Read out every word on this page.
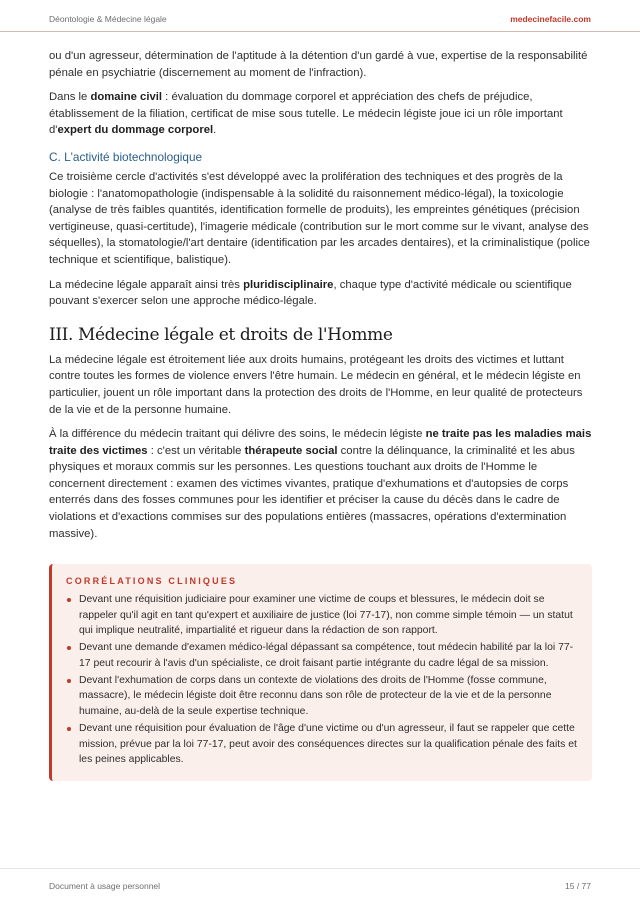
Déontologie & Médecine légale	medecinefacile.com

ou d'un agresseur, détermination de l'aptitude à la détention d'un gardé à vue, expertise de la responsabilité pénale en psychiatrie (discernement au moment de l'infraction).

Dans le domaine civil : évaluation du dommage corporel et appréciation des chefs de préjudice, établissement de la filiation, certificat de mise sous tutelle. Le médecin légiste joue ici un rôle important d'expert du dommage corporel.

C. L'activité biotechnologique

Ce troisième cercle d'activités s'est développé avec la prolifération des techniques et des progrès de la biologie : l'anatomopathologie (indispensable à la solidité du raisonnement médico-légal), la toxicologie (analyse de très faibles quantités, identification formelle de produits), les empreintes génétiques (précision vertigineuse, quasi-certitude), l'imagerie médicale (contribution sur le mort comme sur le vivant, analyse des séquelles), la stomatologie/l'art dentaire (identification par les arcades dentaires), et la criminalistique (police technique et scientifique, balistique).

La médecine légale apparaît ainsi très pluridisciplinaire, chaque type d'activité médicale ou scientifique pouvant s'exercer selon une approche médico-légale.

III. Médecine légale et droits de l'Homme

La médecine légale est étroitement liée aux droits humains, protégeant les droits des victimes et luttant contre toutes les formes de violence envers l'être humain. Le médecin en général, et le médecin légiste en particulier, jouent un rôle important dans la protection des droits de l'Homme, en leur qualité de protecteurs de la vie et de la personne humaine.

À la différence du médecin traitant qui délivre des soins, le médecin légiste ne traite pas les maladies mais traite des victimes : c'est un véritable thérapeute social contre la délinquance, la criminalité et les abus physiques et moraux commis sur les personnes. Les questions touchant aux droits de l'Homme le concernent directement : examen des victimes vivantes, pratique d'exhumations et d'autopsies de corps enterrés dans des fosses communes pour les identifier et préciser la cause du décès dans le cadre de violations et d'exactions commises sur des populations entières (massacres, opérations d'extermination massive).

CORRÉLATIONS CLINIQUES
Devant une réquisition judiciaire pour examiner une victime de coups et blessures, le médecin doit se rappeler qu'il agit en tant qu'expert et auxiliaire de justice (loi 77-17), non comme simple témoin — un statut qui implique neutralité, impartialité et rigueur dans la rédaction de son rapport.
Devant une demande d'examen médico-légal dépassant sa compétence, tout médecin habilité par la loi 77-17 peut recourir à l'avis d'un spécialiste, ce droit faisant partie intégrante du cadre légal de sa mission.
Devant l'exhumation de corps dans un contexte de violations des droits de l'Homme (fosse commune, massacre), le médecin légiste doit être reconnu dans son rôle de protecteur de la vie et de la personne humaine, au-delà de la seule expertise technique.
Devant une réquisition pour évaluation de l'âge d'une victime ou d'un agresseur, il faut se rappeler que cette mission, prévue par la loi 77-17, peut avoir des conséquences directes sur la qualification pénale des faits et les peines applicables.
Document à usage personnel	15 / 77
